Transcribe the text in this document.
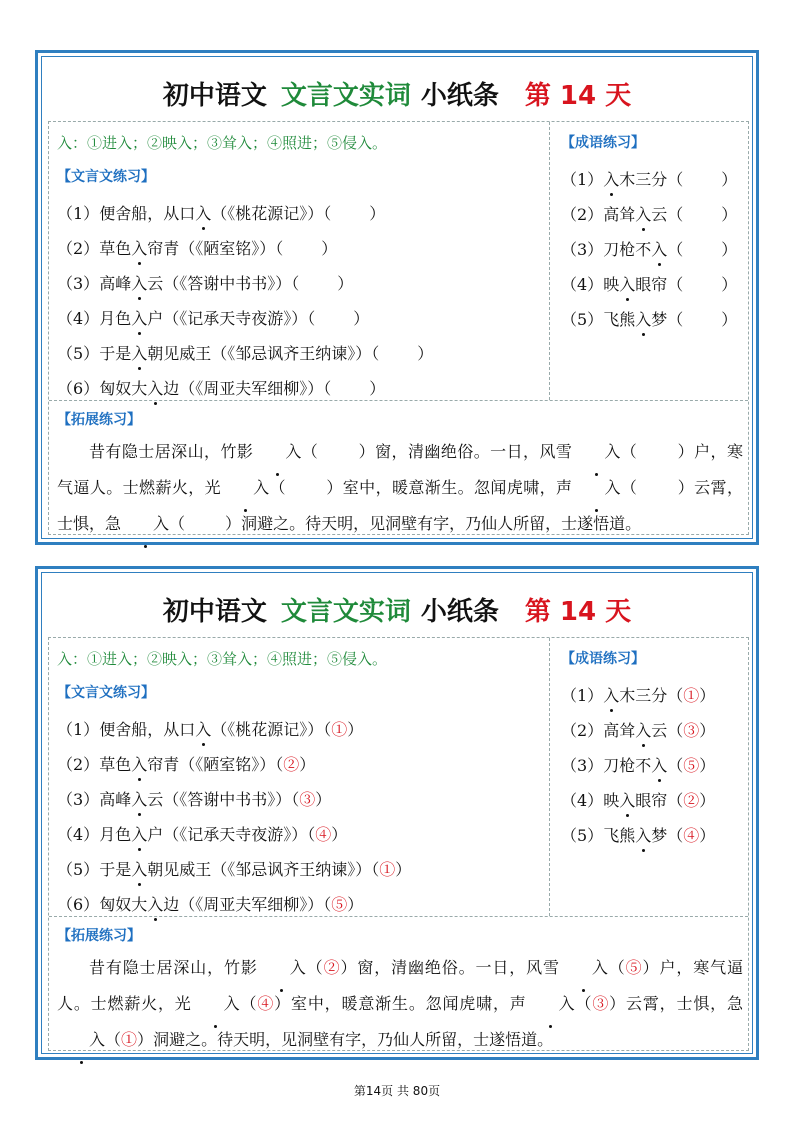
初中语文 文言文实词 小纸条 第 14 天
入：①进入；②映入；③耸入；④照进；⑤侵入。
【文言文练习】
【成语练习】
【拓展练习】
（1）便舍船，从口入（《桃花源记》）（ ）
（2）草色入帘青（《陋室铭》）（ ）
（3）高峰入云（《答谢中书书》）（ ）
（4）月色入户（《记承天寺夜游》）（ ）
（5）于是入朝见威王（《邹忌讽齐王纳谏》）（ ）
（6）匈奴大入边（《周亚夫军细柳》）（ ）
（1）入木三分（ ）
（2）高耸入云（ ）
（3）刀枪不入（ ）
（4）映入眼帘（ ）
（5）飞熊入梦（ ）
昔有隐士居深山，竹影 入（	）窗，清幽绝俗。一日，风雪 入（	）户，寒气逼人。士燃薪火，光 入（	）室中，暖意渐生。忽闻虎啸，声 入（	）云霄，士惧，急 入（	）洞避之。待天明，见洞壁有字，乃仙人所留，士遂悟道。
初中语文 文言文实词 小纸条 第 14 天
入：①进入；②映入；③耸入；④照进；⑤侵入。
【文言文练习】
【成语练习】
【拓展练习】
（1）便舍船，从口入（《桃花源记》）（①）
（2）草色入帘青（《陋室铭》）（②）
（3）高峰入云（《答谢中书书》）（③）
（4）月色入户（《记承天寺夜游》）（④）
（5）于是入朝见威王（《邹忌讽齐王纳谏》）（①）
（6）匈奴大入边（《周亚夫军细柳》）（⑤）
（1）入木三分（①）
（2）高耸入云（③）
（3）刀枪不入（⑤）
（4）映入眼帘（②）
（5）飞熊入梦（④）
昔有隐士居深山，竹影 入（②）窗，清幽绝俗。一日，风雪 入（⑤）户，寒气逼人。士燃薪火，光 入（④）室中，暖意渐生。忽闻虎啸，声 入（③）云霄，士惧，急入（①）洞避之。待天明，见洞壁有字，乃仙人所留，士遂悟道。
第14页 共 80页
